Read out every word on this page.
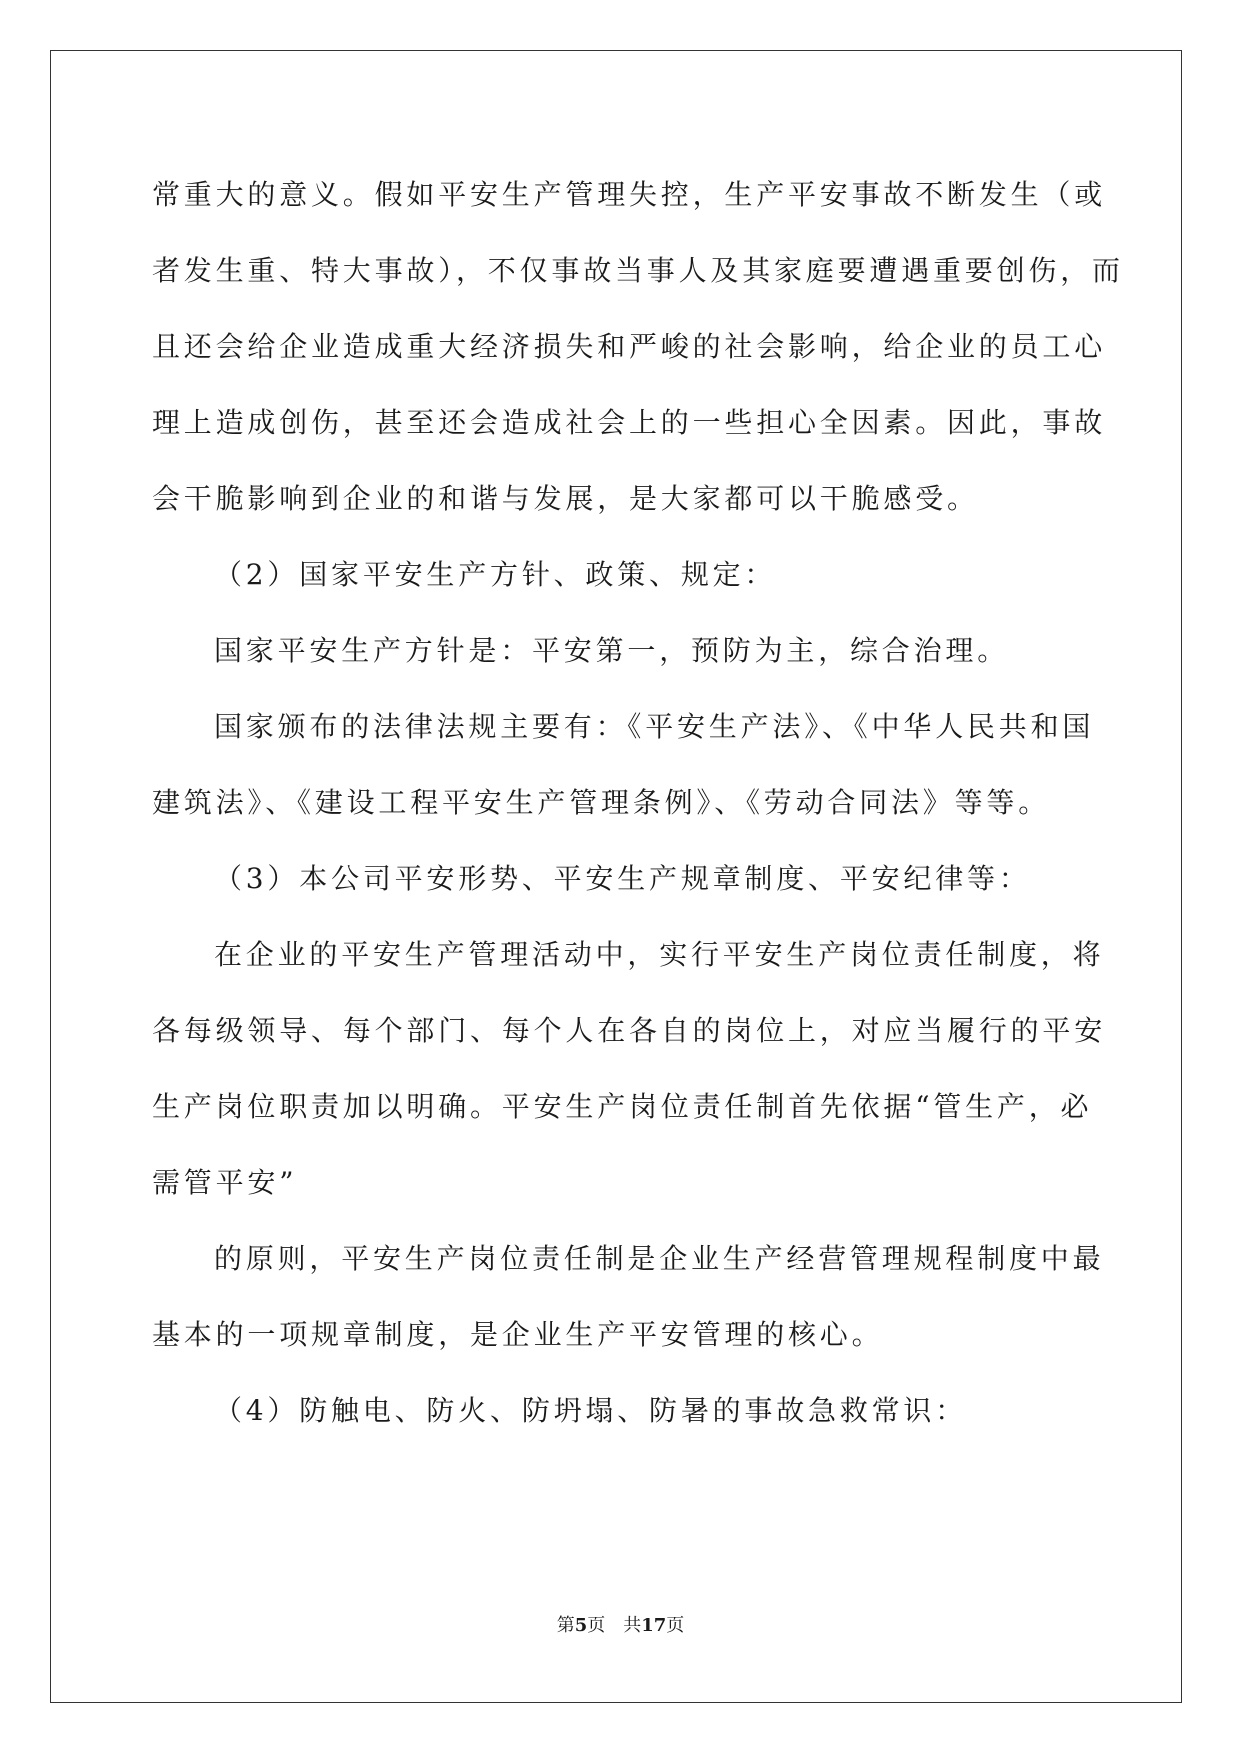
常重大的意义。假如平安生产管理失控，生产平安事故不断发生（或

者发生重、特大事故），不仅事故当事人及其家庭要遭遇重要创伤，而

且还会给企业造成重大经济损失和严峻的社会影响，给企业的员工心

理上造成创伤，甚至还会造成社会上的一些担心全因素。因此，事故

会干脆影响到企业的和谐与发展，是大家都可以干脆感受。

（2）国家平安生产方针、政策、规定：

国家平安生产方针是：平安第一，预防为主，综合治理。

国家颁布的法律法规主要有：《平安生产法》、《中华人民共和国

建筑法》、《建设工程平安生产管理条例》、《劳动合同法》等等。

（3）本公司平安形势、平安生产规章制度、平安纪律等：

在企业的平安生产管理活动中，实行平安生产岗位责任制度，将

各每级领导、每个部门、每个人在各自的岗位上，对应当履行的平安

生产岗位职责加以明确。平安生产岗位责任制首先依据“管生产，必

需管平安”

的原则，平安生产岗位责任制是企业生产经营管理规程制度中最

基本的一项规章制度，是企业生产平安管理的核心。

（4）防触电、防火、防坍塌、防暑的事故急救常识：

第5页　共17页
